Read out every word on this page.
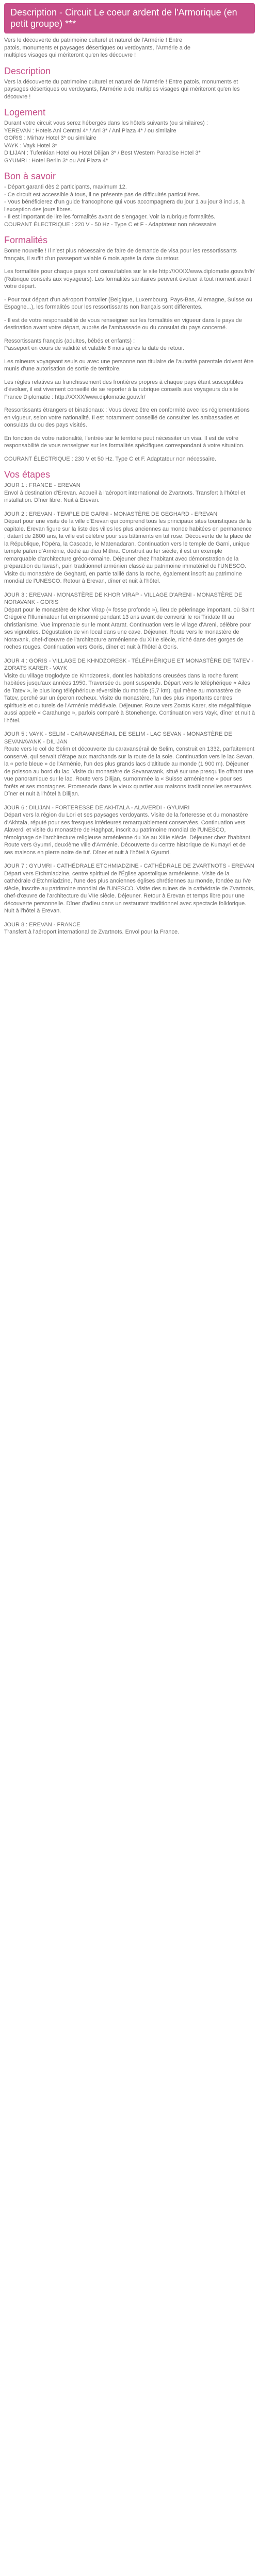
Description - Circuit Le coeur ardent de l'Armorique (en petit groupe) ***
Vers le découverte du patrimoine culturel et naturel de l'Armérie ! Entre
patois, monuments et paysages désertiques ou verdoyants, l'Armérie a de
multiples visages qui mériteront qu'en les découvre !
Description

Vers la découverte du patrimoine culturel et naturel de l'Armérie ! Entre patois, monuments et paysages désertiques ou verdoyants, l'Armérie a de multiples visages qui mériteront qu'en les découvre !

Logement
Durant votre circuit vous serez hébergés dans les hôtels suivants (ou similaires) :
YEREVAN : Hotels Ani Central 4* / Ani 3* / Ani Plaza 4* / ou similaire
GORIS : Mirhav Hotel 3* ou similaire
VAYK : Vayk Hotel 3*
DILIJAN : Tufenkian Hotel ou Hotel Dilijan 3* / Best Western Paradise Hotel 3*
GYUMRI : Hotel Berlin 3* ou Ani Plaza 4*
Bon à savoir
- Départ garanti dès 2 participants, maximum 12.
- Ce circuit est accessible à tous, il ne présente pas de difficultés particulières.
- Vous bénéficierez d'un guide francophone qui vous accompagnera du jour 1 au jour 8 inclus, à l'exception des jours libres.
- Il est important de lire les formalités avant de s'engager. Voir la rubrique formalités.
COURANT ÉLECTRIQUE : 220 V - 50 Hz - Type C et F - Adaptateur non nécessaire.
Formalités

Bonne nouvelle ! Il n'est plus nécessaire de faire de demande de visa pour les ressortissants français, il suffit d'un passeport valable 6 mois après la date du retour.

Les formalités pour chaque pays sont consultables sur le site http://XXXX/www.diplomatie.gouv.fr/fr/ (Rubrique conseils aux voyageurs). Les formalités sanitaires peuvent évoluer à tout moment avant votre départ.

- Pour tout départ d'un aéroport frontalier (Belgique, Luxembourg, Pays-Bas, Allemagne, Suisse ou Espagne...), les formalités pour les ressortissants non français sont différentes.

- Il est de votre responsabilité de vous renseigner sur les formalités en vigueur dans le pays de destination avant votre départ, auprès de l'ambassade ou du consulat du pays concerné.

Ressortissants français (adultes, bébés et enfants) :

Passeport en cours de validité et valable 6 mois après la date de retour.

Les mineurs voyageant seuls ou avec une personne non titulaire de l'autorité parentale doivent être munis d'une autorisation de sortie de territoire.

Les règles relatives au franchissement des frontières propres à chaque pays étant susceptibles d'évoluer, il est vivement conseillé de se reporter à la rubrique conseils aux voyageurs du site France Diplomatie : http://XXXX/www.diplomatie.gouv.fr/

Ressortissants étrangers et binationaux : Vous devez être en conformité avec les réglementations en vigueur, selon votre nationalité. Il est notamment conseillé de consulter les ambassades et consulats du ou des pays visités.

En fonction de votre nationalité, l'entrée sur le territoire peut nécessiter un visa. Il est de votre responsabilité de vous renseigner sur les formalités spécifiques correspondant à votre situation.

COURANT ÉLECTRIQUE : 230 V et 50 Hz. Type C et F. Adaptateur non nécessaire.

Vos étapes
JOUR 1 : FRANCE - EREVAN

Envol à destination d'Erevan. Accueil à l'aéroport international de Zvartnots. Transfert à l'hôtel et installation. Dîner libre. Nuit à Erevan.

JOUR 2 : EREVAN - TEMPLE DE GARNI - MONASTÈRE DE GEGHARD - EREVAN

Départ pour une visite de la ville d'Erevan qui comprend tous les principaux sites touristiques de la capitale. Erevan figure sur la liste des villes les plus anciennes au monde habitées en permanence ; datant de 2800 ans, la ville est célèbre pour ses bâtiments en tuf rose. Découverte de la place de la République, l'Opéra, la Cascade, le Matenadaran. Continuation vers le temple de Garni, unique temple païen d'Arménie, dédié au dieu Mithra. Construit au Ier siècle, il est un exemple remarquable d'architecture gréco-romaine. Déjeuner chez l'habitant avec démonstration de la préparation du lavash, pain traditionnel arménien classé au patrimoine immatériel de l'UNESCO. Visite du monastère de Geghard, en partie taillé dans la roche, également inscrit au patrimoine mondial de l'UNESCO. Retour à Erevan, dîner et nuit à l'hôtel.

JOUR 3 : EREVAN - MONASTÈRE DE KHOR VIRAP - VILLAGE D'ARENI - MONASTÈRE DE NORAVANK - GORIS

Départ pour le monastère de Khor Virap (« fosse profonde »), lieu de pèlerinage important, où Saint Grégoire l'Illuminateur fut emprisonné pendant 13 ans avant de convertir le roi Tiridate III au christianisme. Vue imprenable sur le mont Ararat. Continuation vers le village d'Areni, célèbre pour ses vignobles. Dégustation de vin local dans une cave. Déjeuner. Route vers le monastère de Noravank, chef-d'œuvre de l'architecture arménienne du XIIIe siècle, niché dans des gorges de roches rouges. Continuation vers Goris, dîner et nuit à l'hôtel à Goris.

JOUR 4 : GORIS - VILLAGE DE KHNDZORESK - TÉLÉPHÉRIQUE ET MONASTÈRE DE TATEV - ZORATS KARER - VAYK

Visite du village troglodyte de Khndzoresk, dont les habitations creusées dans la roche furent habitées jusqu'aux années 1950. Traversée du pont suspendu. Départ vers le téléphérique « Ailes de Tatev », le plus long téléphérique réversible du monde (5,7 km), qui mène au monastère de Tatev, perché sur un éperon rocheux. Visite du monastère, l'un des plus importants centres spirituels et culturels de l'Arménie médiévale. Déjeuner. Route vers Zorats Karer, site mégalithique aussi appelé « Carahunge », parfois comparé à Stonehenge. Continuation vers Vayk, dîner et nuit à l'hôtel.

JOUR 5 : VAYK - SELIM - CARAVANSÉRAIL DE SELIM - LAC SEVAN - MONASTÈRE DE SEVANAVANK - DILIJAN

Route vers le col de Selim et découverte du caravansérail de Selim, construit en 1332, parfaitement conservé, qui servait d'étape aux marchands sur la route de la soie. Continuation vers le lac Sevan, la « perle bleue » de l'Arménie, l'un des plus grands lacs d'altitude au monde (1 900 m). Déjeuner de poisson au bord du lac. Visite du monastère de Sevanavank, situé sur une presqu'île offrant une vue panoramique sur le lac. Route vers Dilijan, surnommée la « Suisse arménienne » pour ses forêts et ses montagnes. Promenade dans le vieux quartier aux maisons traditionnelles restaurées. Dîner et nuit à l'hôtel à Dilijan.

JOUR 6 : DILIJAN - FORTERESSE DE AKHTALA - ALAVERDI - GYUMRI

Départ vers la région du Lori et ses paysages verdoyants. Visite de la forteresse et du monastère d'Akhtala, réputé pour ses fresques intérieures remarquablement conservées. Continuation vers Alaverdi et visite du monastère de Haghpat, inscrit au patrimoine mondial de l'UNESCO, témoignage de l'architecture religieuse arménienne du Xe au XIIIe siècle. Déjeuner chez l'habitant. Route vers Gyumri, deuxième ville d'Arménie. Découverte du centre historique de Kumayri et de ses maisons en pierre noire de tuf. Dîner et nuit à l'hôtel à Gyumri.

JOUR 7 : GYUMRI - CATHÉDRALE ETCHMIADZINE - CATHÉDRALE DE ZVARTNOTS - EREVAN

Départ vers Etchmiadzine, centre spirituel de l'Église apostolique arménienne. Visite de la cathédrale d'Etchmiadzine, l'une des plus anciennes églises chrétiennes au monde, fondée au IVe siècle, inscrite au patrimoine mondial de l'UNESCO. Visite des ruines de la cathédrale de Zvartnots, chef-d'œuvre de l'architecture du VIIe siècle. Déjeuner. Retour à Erevan et temps libre pour une découverte personnelle. Dîner d'adieu dans un restaurant traditionnel avec spectacle folklorique. Nuit à l'hôtel à Erevan.

JOUR 8 : EREVAN - FRANCE

Transfert à l'aéroport international de Zvartnots. Envol pour la France.
